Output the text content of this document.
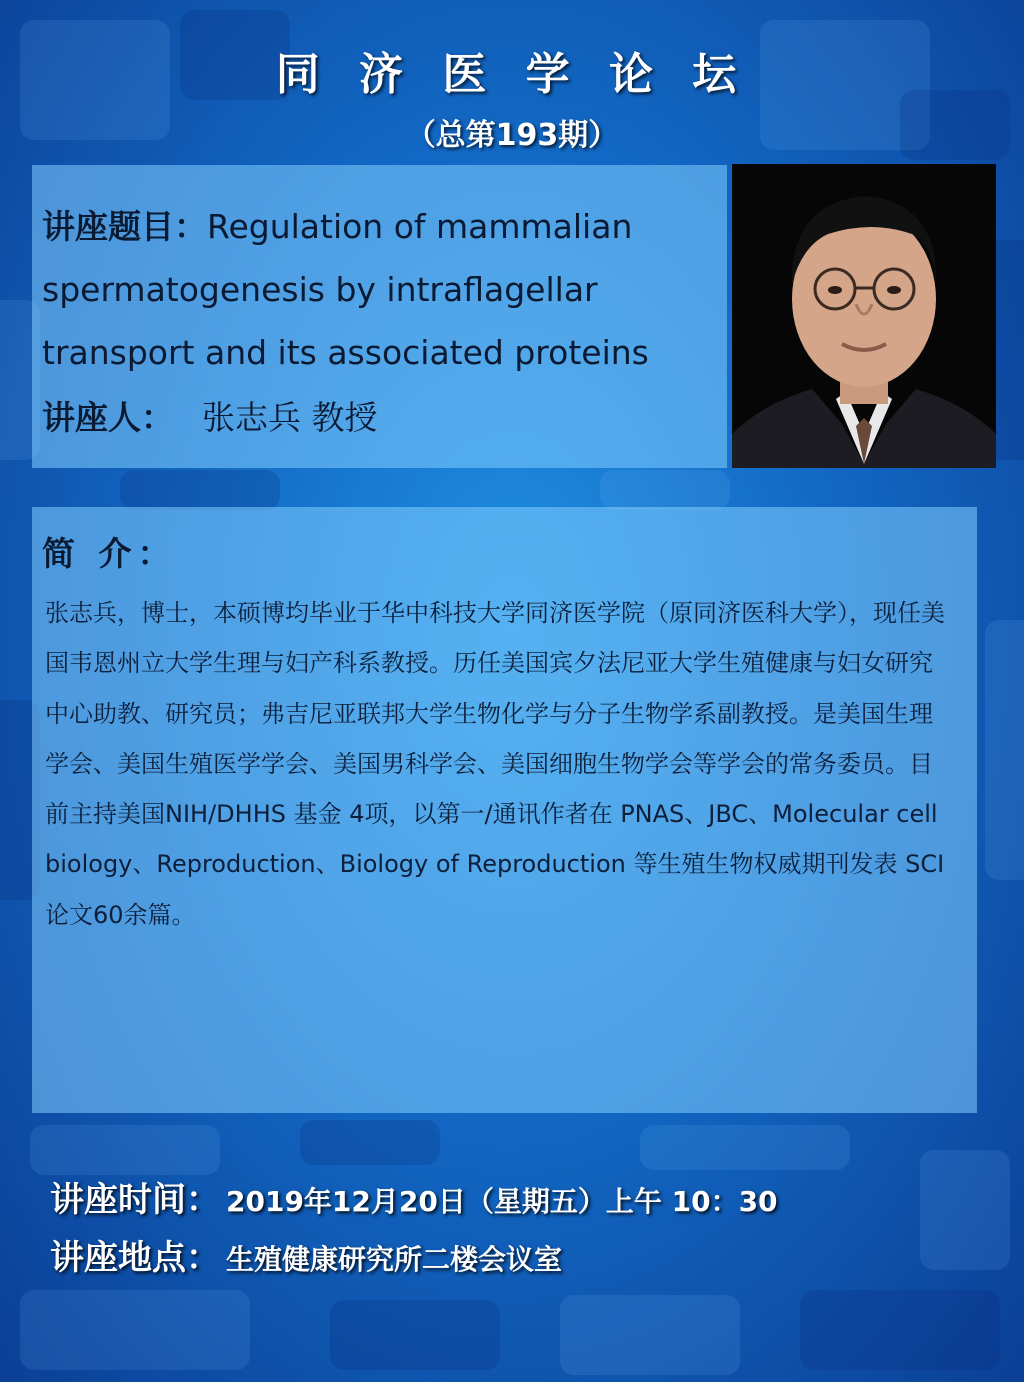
同 济 医 学 论 坛
（总第193期）
讲座题目：Regulation of mammalian spermatogenesis by intraflagellar transport and its associated proteins
讲座人： 张志兵 教授
简 介：
张志兵，博士，本硕博均毕业于华中科技大学同济医学院（原同济医科大学），现任美国韦恩州立大学生理与妇产科系教授。历任美国宾夕法尼亚大学生殖健康与妇女研究中心助教、研究员；弗吉尼亚联邦大学生物化学与分子生物学系副教授。是美国生理学会、美国生殖医学学会、美国男科学会、美国细胞生物学会等学会的常务委员。目前主持美国NIH/DHHS 基金 4项，以第一/通讯作者在 PNAS、JBC、Molecular cell biology、Reproduction、Biology of Reproduction 等生殖生物权威期刊发表 SCI 论文60余篇。
讲座时间： 2019年12月20日（星期五）上午 10：30
讲座地点： 生殖健康研究所二楼会议室
